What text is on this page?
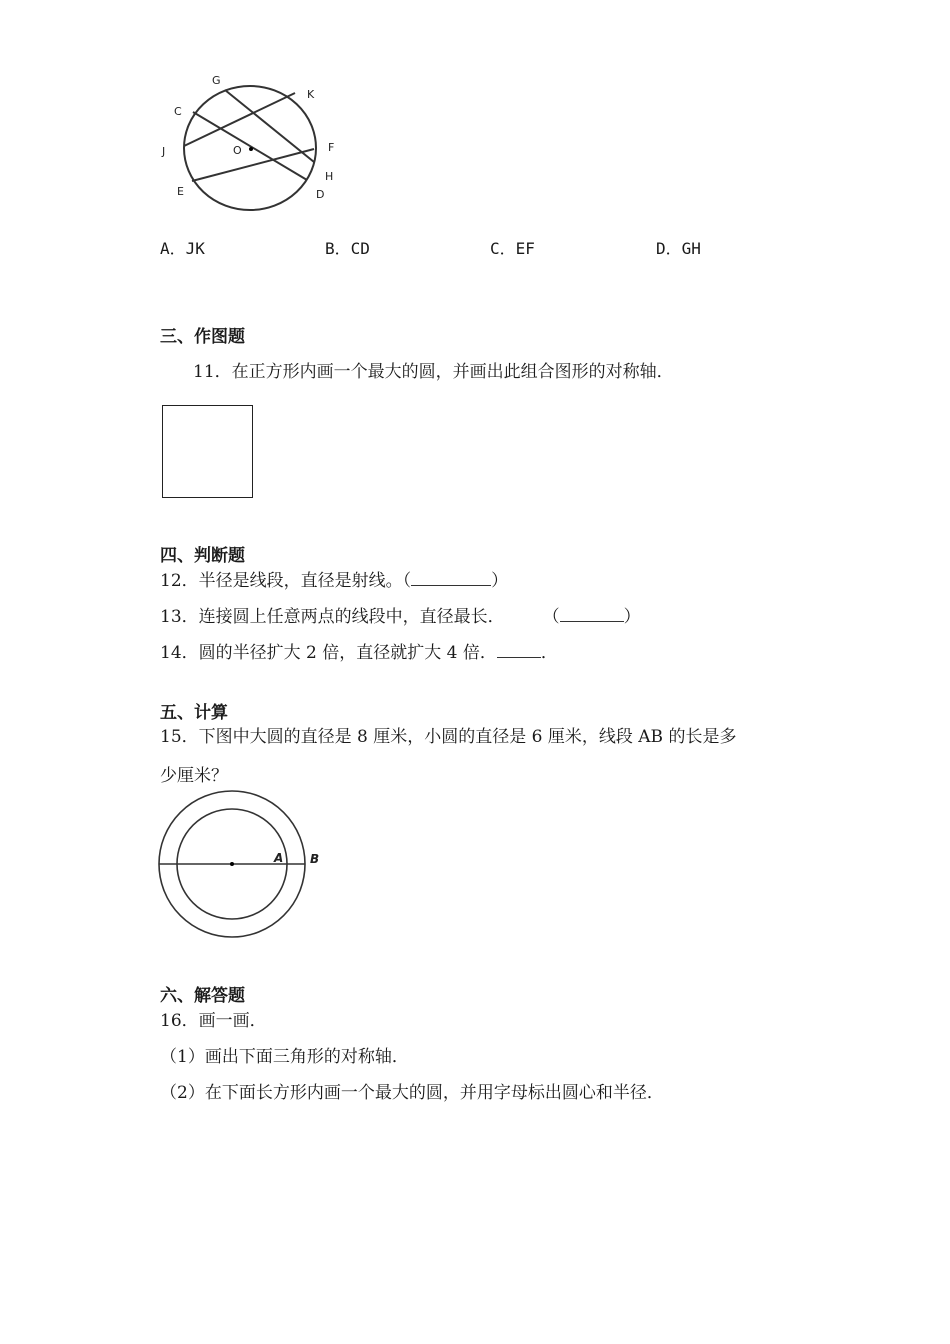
G
K
C
J	O	F
H
E	D
A．JK	B．CD	C．EF	D．GH
三、作图题
11．在正方形内画一个最大的圆，并画出此组合图形的对称轴．
四、判断题
12．半径是线段，直径是射线。（	）
13．连接圆上任意两点的线段中，直径最长． （	）
14．圆的半径扩大 2 倍，直径就扩大 4 倍．	．
五、计算
15．下图中大圆的直径是 8 厘米，小圆的直径是 6 厘米，线段 AB 的长是多
少厘米？
A B
六、解答题
16．画一画．
（1）画出下面三角形的对称轴．
（2）在下面长方形内画一个最大的圆，并用字母标出圆心和半径．
